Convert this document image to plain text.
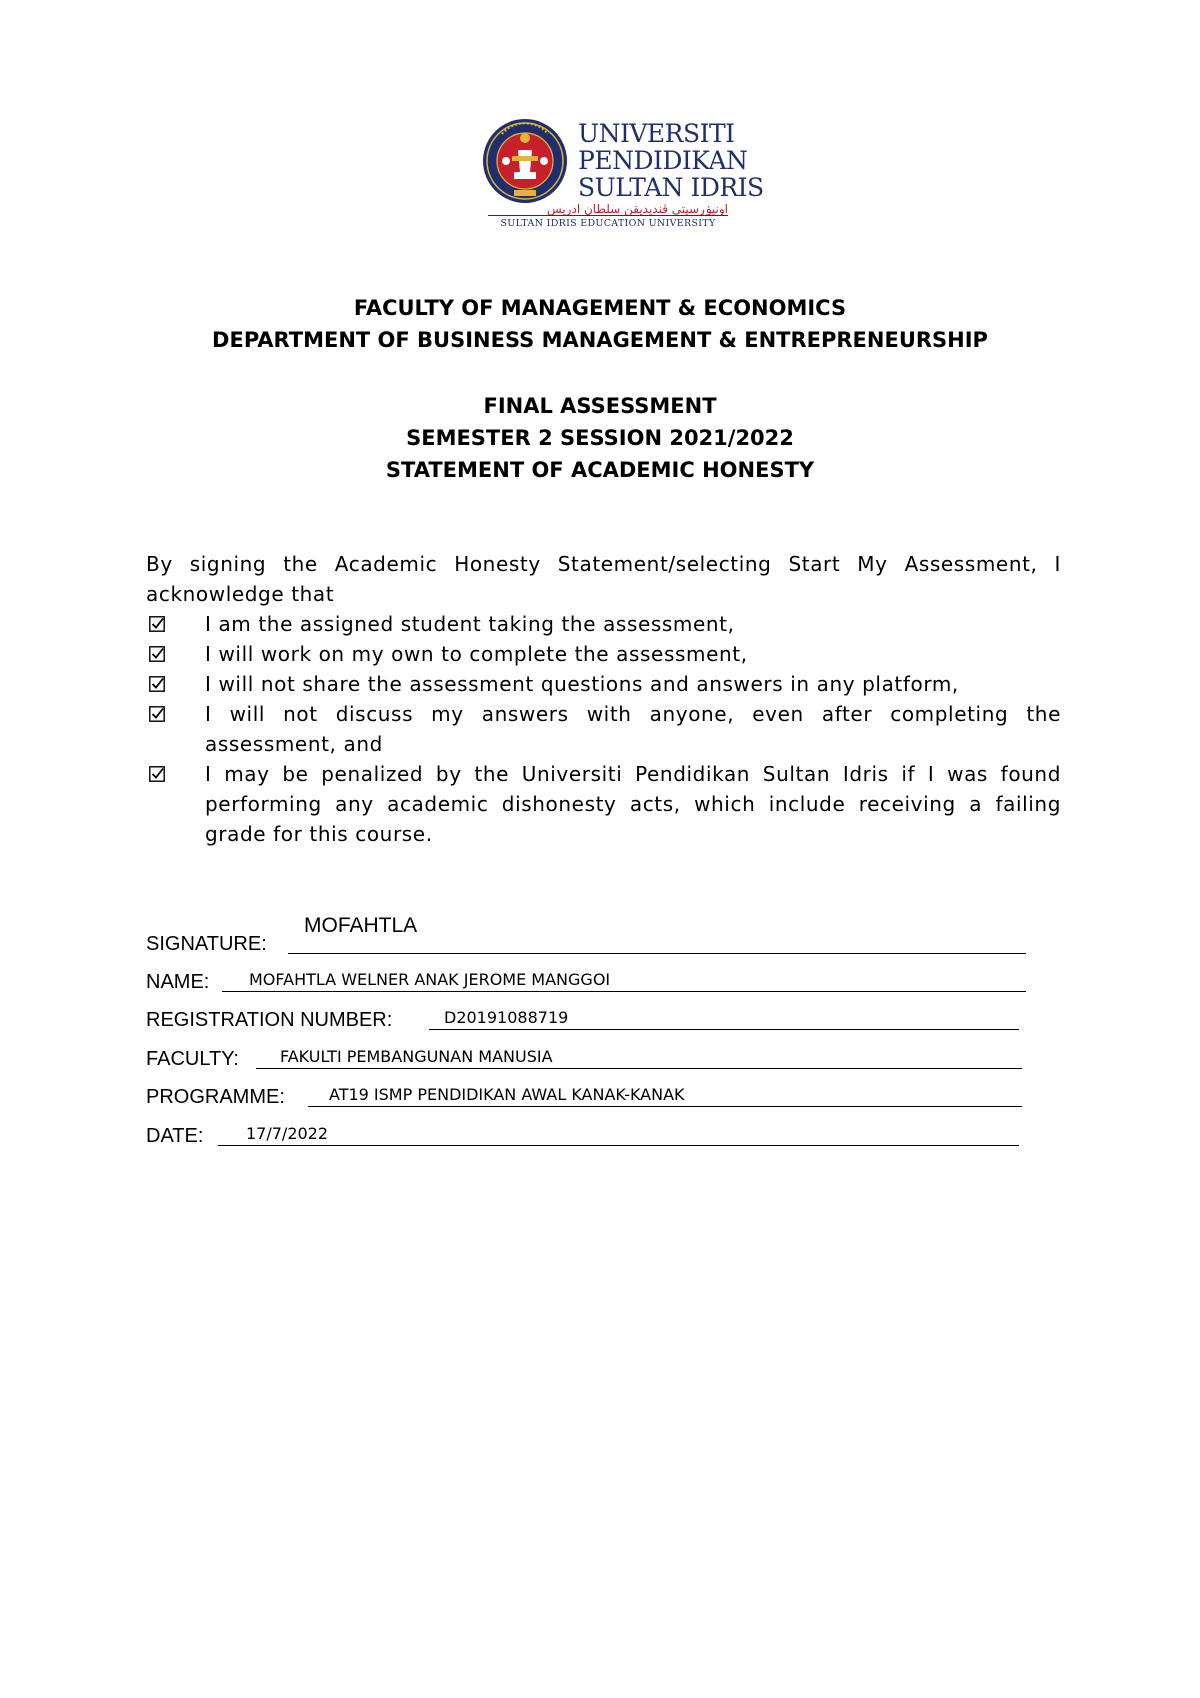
UNIVERSITI
PENDIDIKAN
SULTAN IDRIS
اونيۏرسيتي ڤنديديقن سلطان ادريس
SULTAN IDRIS EDUCATION UNIVERSITY
FACULTY OF MANAGEMENT & ECONOMICS
DEPARTMENT OF BUSINESS MANAGEMENT & ENTREPRENEURSHIP
FINAL ASSESSMENT
SEMESTER 2 SESSION 2021/2022
STATEMENT OF ACADEMIC HONESTY

By signing the Academic Honesty Statement/selecting Start My Assessment, I acknowledge that

I am the assigned student taking the assessment,
I will work on my own to complete the assessment,
I will not share the assessment questions and answers in any platform,
I will not discuss my answers with anyone, even after completing the assessment, and
I may be penalized by the Universiti Pendidikan Sultan Idris if I was found performing any academic dishonesty acts, which include receiving a failing grade for this course.
SIGNATURE:
MOFAHTLA
NAME: MOFAHTLA WELNER ANAK JEROME MANGGOI
REGISTRATION NUMBER:	D20191088719
FACULTY:	FAKULTI PEMBANGUNAN MANUSIA
PROGRAMME:	AT19 ISMP PENDIDIKAN AWAL KANAK-KANAK
DATE:	17/7/2022
